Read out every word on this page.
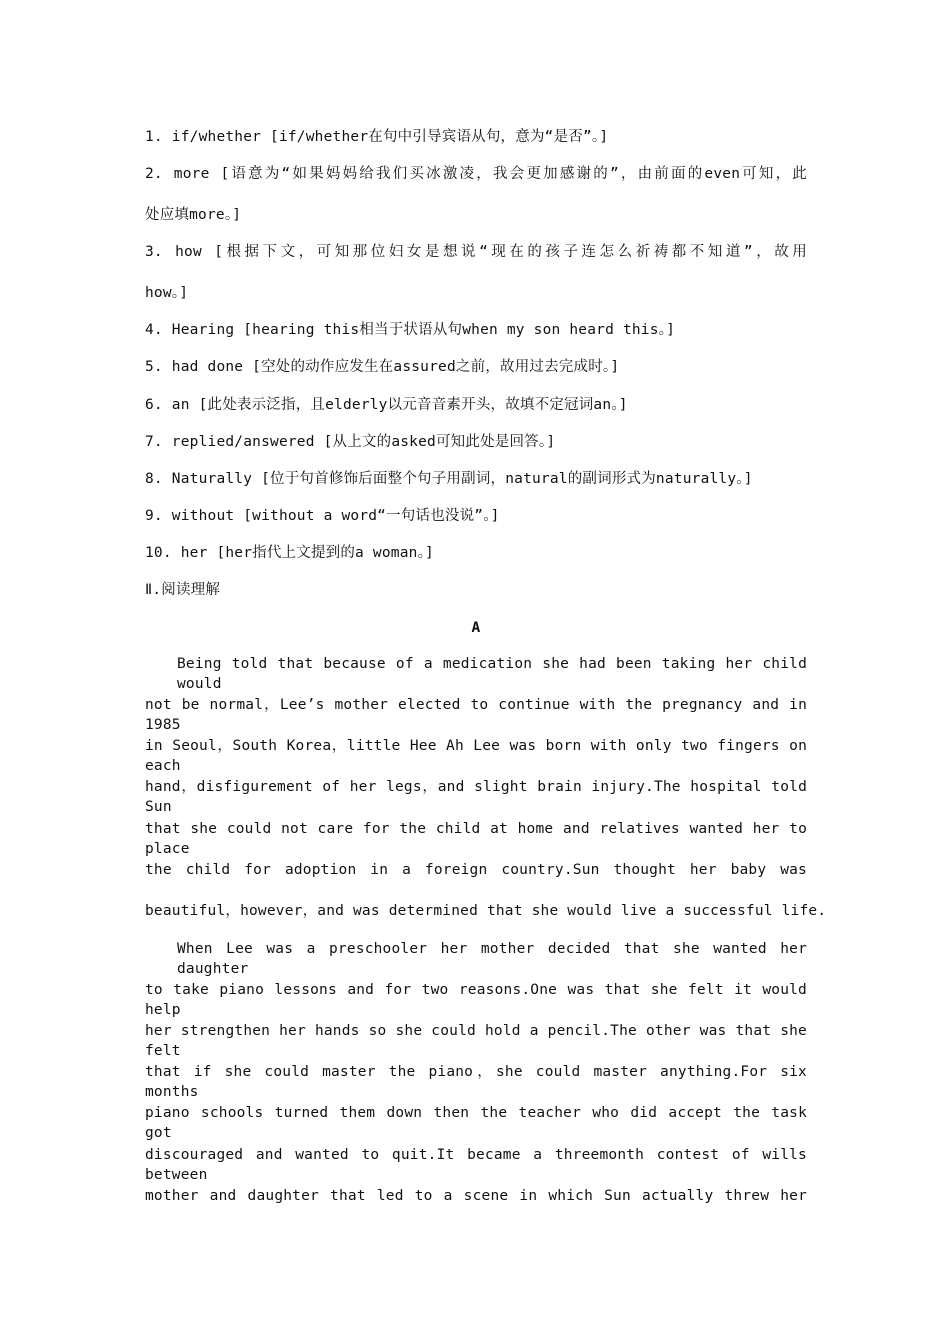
1. if/whether [if/whether在句中引导宾语从句，意为“是否”。]
2. more [语意为“如果妈妈给我们买冰激凌，我会更加感谢的”，由前面的even可知，此
处应填more。]
3. how [根据下文，可知那位妇女是想说“现在的孩子连怎么祈祷都不知道”，故用
how。]
4. Hearing [hearing this相当于状语从句when my son heard this。]
5. had done [空处的动作应发生在assured之前，故用过去完成时。]
6. an [此处表示泛指，且elderly以元音音素开头，故填不定冠词an。]
7. replied/answered [从上文的asked可知此处是回答。]
8. Naturally [位于句首修饰后面整个句子用副词，natural的副词形式为naturally。]
9. without [without a word“一句话也没说”。]
10. her [her指代上文提到的a woman。]
Ⅱ.阅读理解
A
Being told that because of a medication she had been taking her child would
not be normal，Lee’s mother elected to continue with the pregnancy and in 1985
in Seoul，South Korea，little Hee Ah Lee was born with only two fingers on each
hand，disfigurement of her legs，and slight brain injury.The hospital told Sun
that she could not care for the child at home and relatives wanted her to place
the child for adoption in a foreign country.Sun thought her baby was
beautiful，however，and was determined that she would live a successful life.
When Lee was a preschooler her mother decided that she wanted her daughter
to take piano lessons and for two reasons.One was that she felt it would help
her strengthen her hands so she could hold a pencil.The other was that she felt
that if she could master the piano，she could master anything.For six months
piano schools turned them down then the teacher who did accept the task got
discouraged and wanted to quit.It became a threemonth contest of wills between
mother and daughter that led to a scene in which Sun actually threw her
